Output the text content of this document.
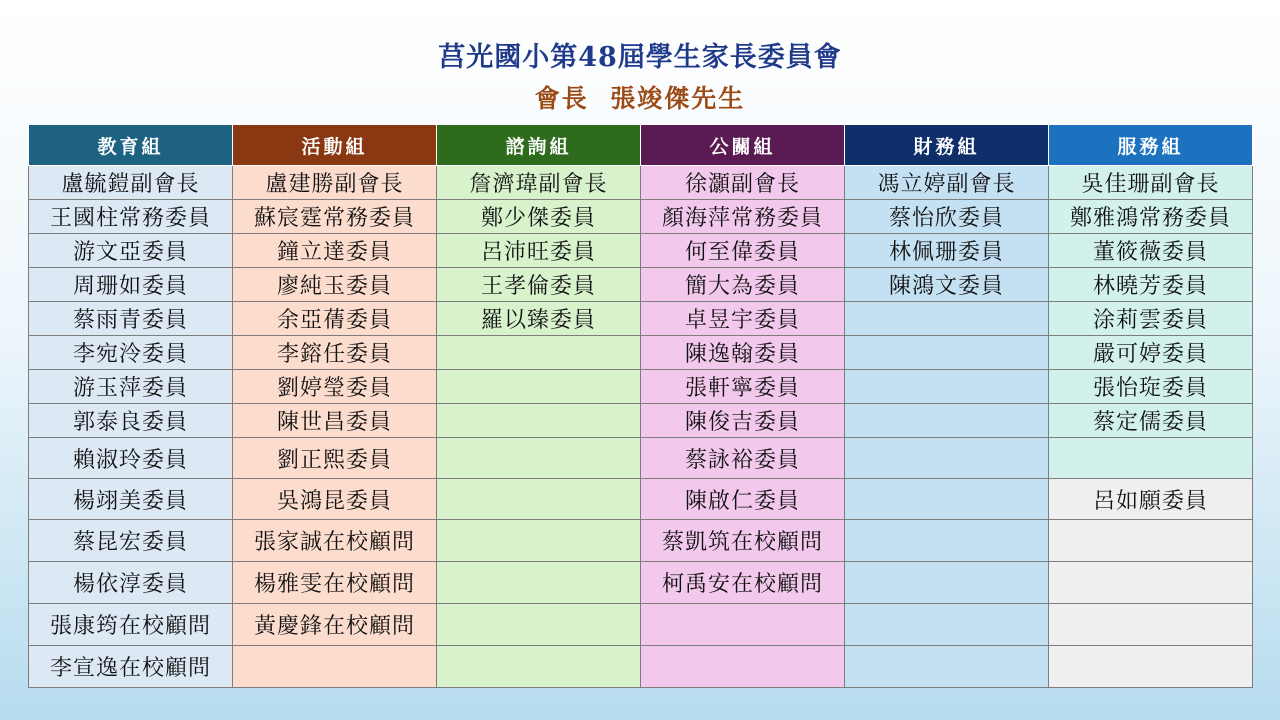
莒光國小第48屆學生家長委員會
會長  張竣傑先生
教育組	活動組	諮詢組	公關組	財務組	服務組
盧毓鎧副會長	盧建勝副會長	詹濟瑋副會長	徐灝副會長	馮立婷副會長	吳佳珊副會長
王國柱常務委員	蘇宸霆常務委員	鄭少傑委員	顏海萍常務委員	蔡怡欣委員	鄭雅鴻常務委員
游文亞委員	鐘立達委員	呂沛旺委員	何至偉委員	林佩珊委員	董筱薇委員
周珊如委員	廖純玉委員	王孝倫委員	簡大為委員	陳鴻文委員	林曉芳委員
蔡雨青委員	余亞蒨委員	羅以臻委員	卓昱宇委員		涂莉雲委員
李宛泠委員	李鎔任委員		陳逸翰委員		嚴可婷委員
游玉萍委員	劉婷瑩委員		張軒寧委員		張怡琁委員
郭泰良委員	陳世昌委員		陳俊吉委員		蔡定儒委員
賴淑玲委員	劉正熙委員		蔡詠裕委員		
楊翊美委員	吳鴻昆委員		陳啟仁委員		呂如願委員
蔡昆宏委員	張家誠在校顧問		蔡凱筑在校顧問		
楊依淳委員	楊雅雯在校顧問		柯禹安在校顧問		
張康筠在校顧問	黃慶鋒在校顧問				
李宣逸在校顧問					
